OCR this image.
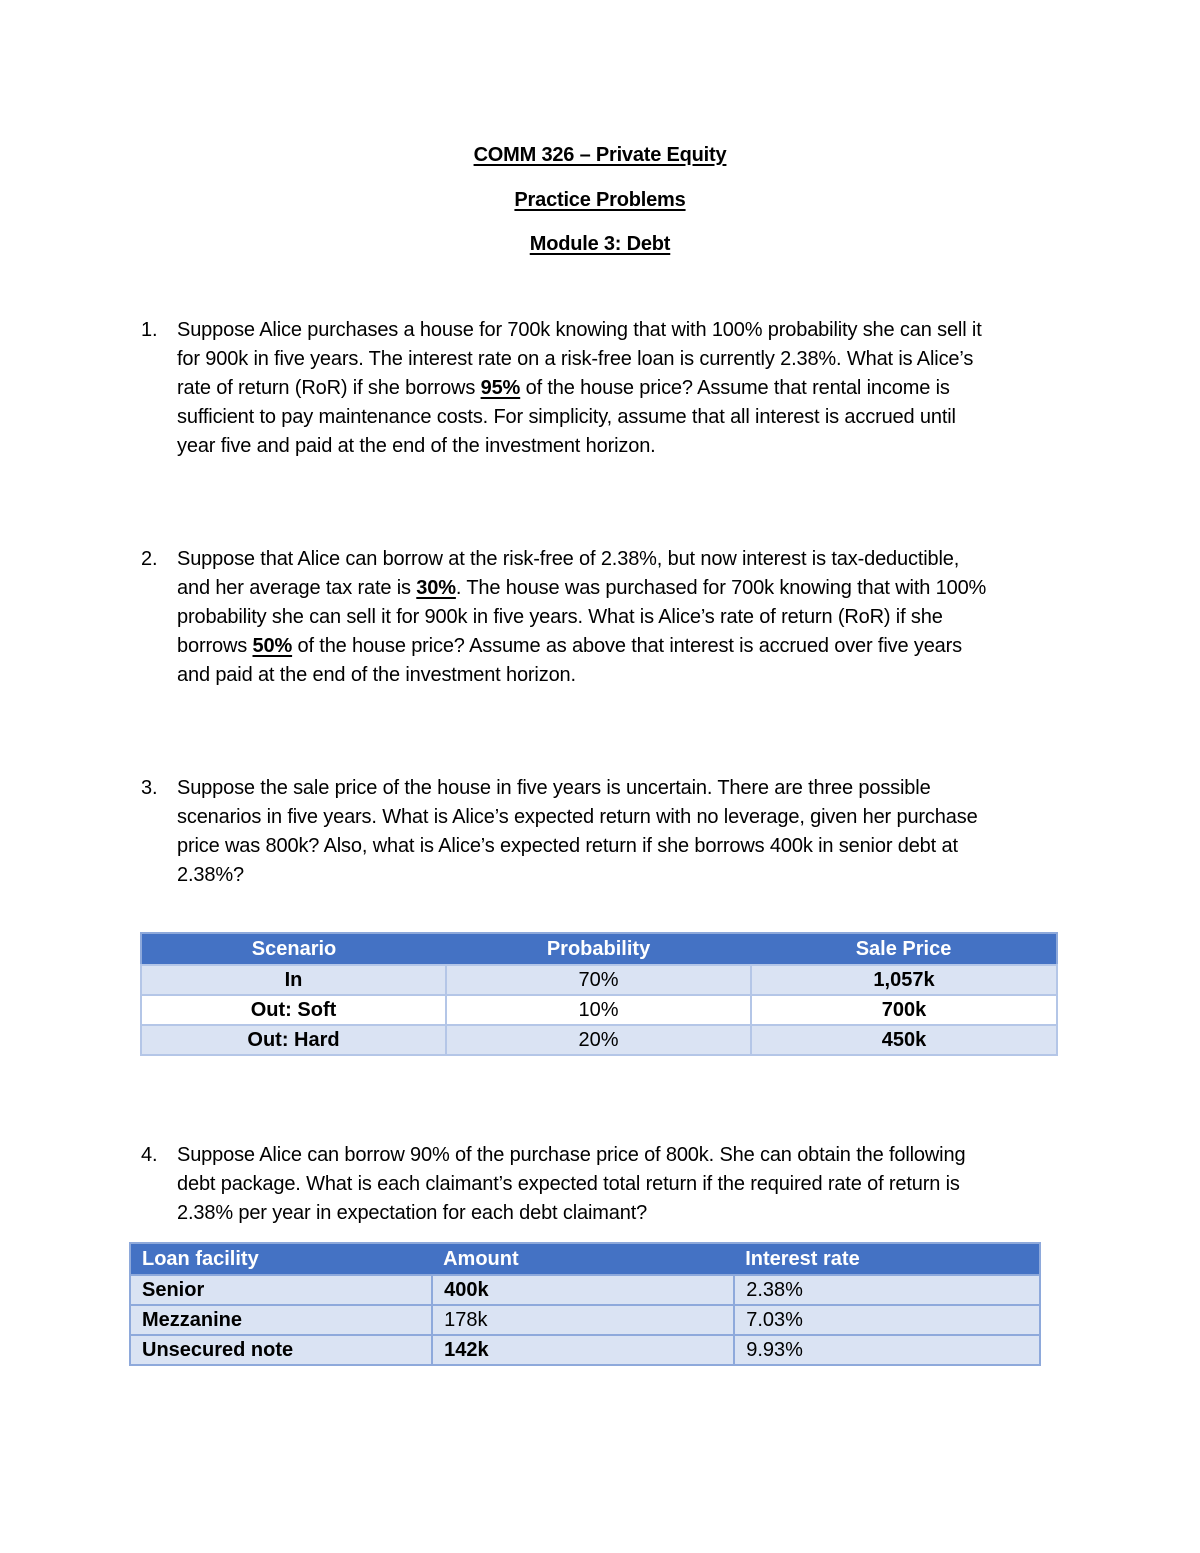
COMM 326 – Private Equity
Practice Problems
Module 3: Debt
1. Suppose Alice purchases a house for 700k knowing that with 100% probability she can sell it
for 900k in five years. The interest rate on a risk-free loan is currently 2.38%. What is Alice’s
rate of return (RoR) if she borrows 95% of the house price? Assume that rental income is
sufficient to pay maintenance costs. For simplicity, assume that all interest is accrued until
year five and paid at the end of the investment horizon.
2. Suppose that Alice can borrow at the risk-free of 2.38%, but now interest is tax-deductible,
and her average tax rate is 30%. The house was purchased for 700k knowing that with 100%
probability she can sell it for 900k in five years. What is Alice’s rate of return (RoR) if she
borrows 50% of the house price? Assume as above that interest is accrued over five years
and paid at the end of the investment horizon.
3. Suppose the sale price of the house in five years is uncertain. There are three possible
scenarios in five years. What is Alice’s expected return with no leverage, given her purchase
price was 800k? Also, what is Alice’s expected return if she borrows 400k in senior debt at
2.38%?
Scenario	Probability	Sale Price
In	70%	1,057k
Out: Soft	10%	700k
Out: Hard	20%	450k
4. Suppose Alice can borrow 90% of the purchase price of 800k. She can obtain the following
debt package. What is each claimant’s expected total return if the required rate of return is
2.38% per year in expectation for each debt claimant?
Loan facility	Amount	Interest rate
Senior	400k	2.38%
Mezzanine	178k	7.03%
Unsecured note	142k	9.93%
